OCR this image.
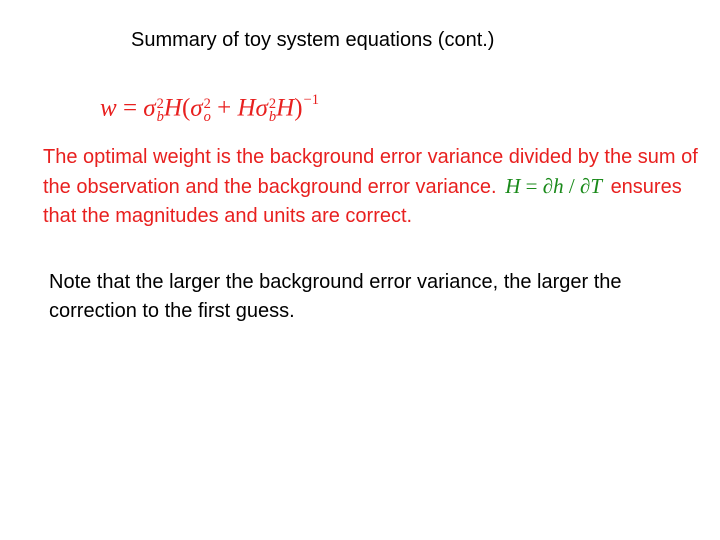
Summary of toy system equations (cont.)
w = σ2
bH(σ2
o + Hσ2
bH)$^{-1}$
The optimal weight is the background error variance divided by the sum of the observation and the background error variance. H = ∂h / ∂T ensures that the magnitudes and units are correct.
Note that the larger the background error variance, the larger the correction to the first guess.
